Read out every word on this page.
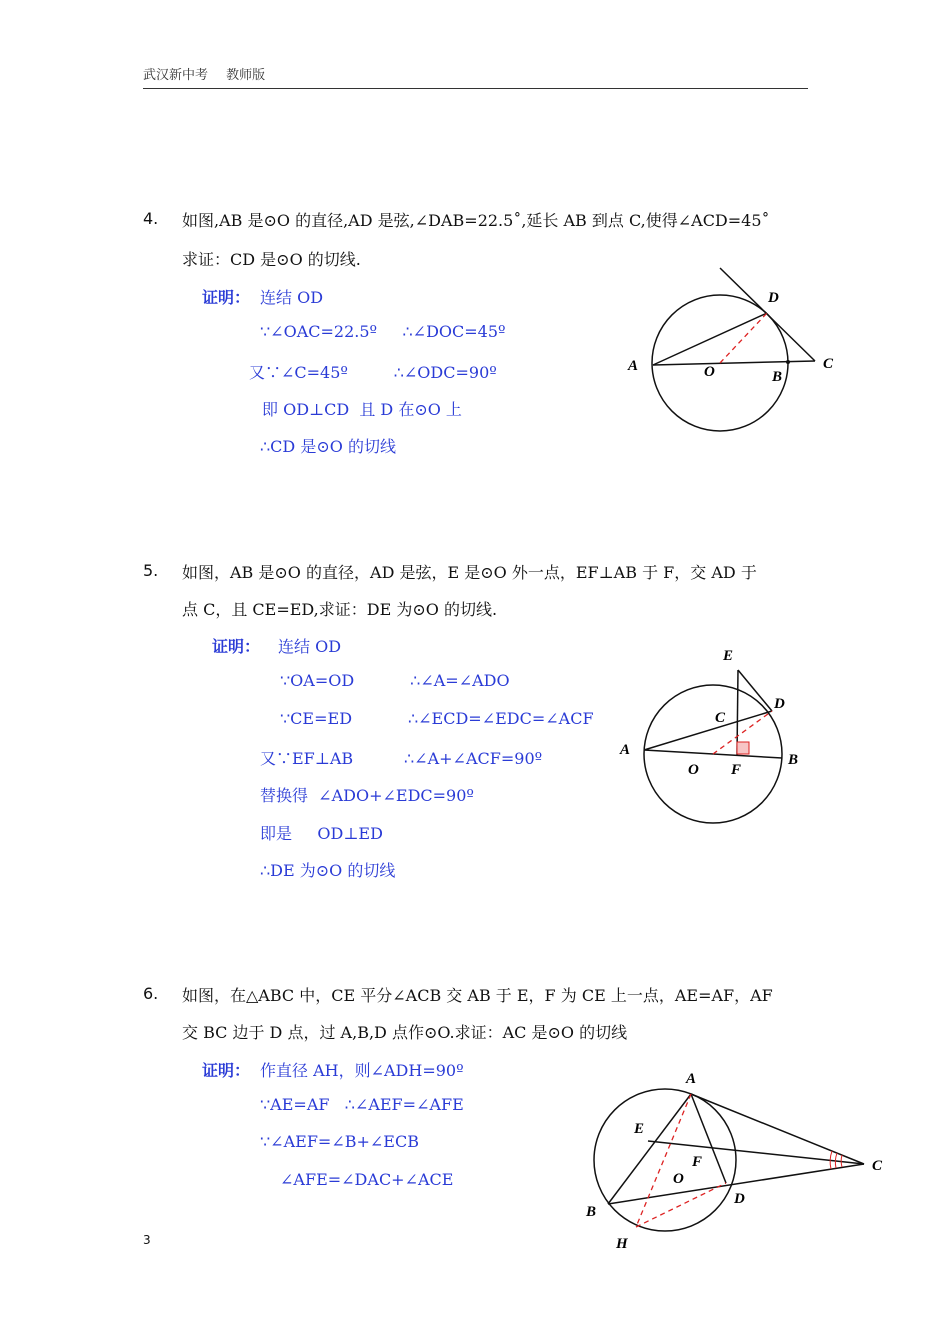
武汉新中考 教师版
4. 如图,AB 是⊙O 的直径,AD 是弦,∠DAB=22.5˚,延长 AB 到点 C,使得∠ACD=45˚
求证：CD 是⊙O 的切线.
证明： 连结 OD
∵∠OAC=22.5º     ∴∠DOC=45º
又∵∠C=45º         ∴∠ODC=90º
即 OD⊥CD  且 D 在⊙O 上
∴CD 是⊙O 的切线
D
A	O	B
C
5. 如图，AB 是⊙O 的直径，AD 是弦，E 是⊙O 外一点，EF⊥AB 于 F，交 AD 于
点 C，且 CE=ED,求证：DE 为⊙O 的切线.
证明： 连结 OD
∵OA=OD           ∴∠A=∠ADO
∵CE=ED           ∴∠ECD=∠EDC=∠ACF
又∵EF⊥AB          ∴∠A+∠ACF=90º
替换得  ∠ADO+∠EDC=90º
即是     OD⊥ED
∴DE 为⊙O 的切线
E
D
C
A
O F
B
6. 如图，在△ABC 中，CE 平分∠ACB 交 AB 于 E，F 为 CE 上一点，AE=AF，AF
交 BC 边于 D 点，过 A,B,D 点作⊙O.求证：AC 是⊙O 的切线
证明： 作直径 AH，则∠ADH=90º
∵AE=AF   ∴∠AEF=∠AFE
∵∠AEF=∠B+∠ECB
∠AFE=∠DAC+∠ACE
A
E
F
O
C
D
B
H
3
